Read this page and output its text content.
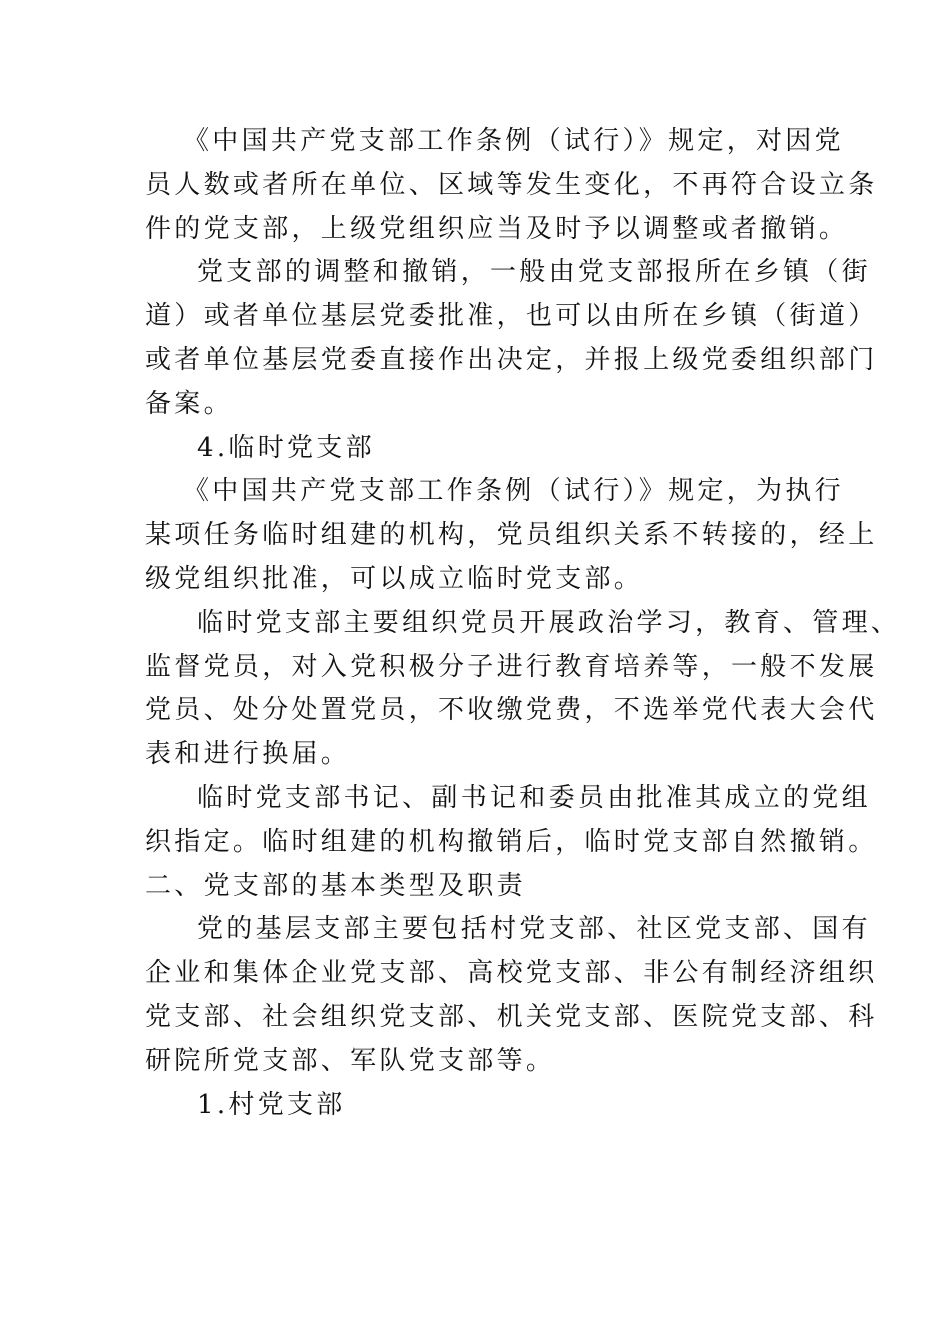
《中国共产党支部工作条例（试行）》规定，对因党
员人数或者所在单位、区域等发生变化，不再符合设立条
件的党支部，上级党组织应当及时予以调整或者撤销。
党支部的调整和撤销，一般由党支部报所在乡镇（街
道）或者单位基层党委批准，也可以由所在乡镇（街道）
或者单位基层党委直接作出决定，并报上级党委组织部门
备案。
4.临时党支部
《中国共产党支部工作条例（试行）》规定，为执行
某项任务临时组建的机构，党员组织关系不转接的，经上
级党组织批准，可以成立临时党支部。
临时党支部主要组织党员开展政治学习，教育、管理、
监督党员，对入党积极分子进行教育培养等，一般不发展
党员、处分处置党员，不收缴党费，不选举党代表大会代
表和进行换届。
临时党支部书记、副书记和委员由批准其成立的党组
织指定。临时组建的机构撤销后，临时党支部自然撤销。
二、党支部的基本类型及职责
党的基层支部主要包括村党支部、社区党支部、国有
企业和集体企业党支部、高校党支部、非公有制经济组织
党支部、社会组织党支部、机关党支部、医院党支部、科
研院所党支部、军队党支部等。
1.村党支部
